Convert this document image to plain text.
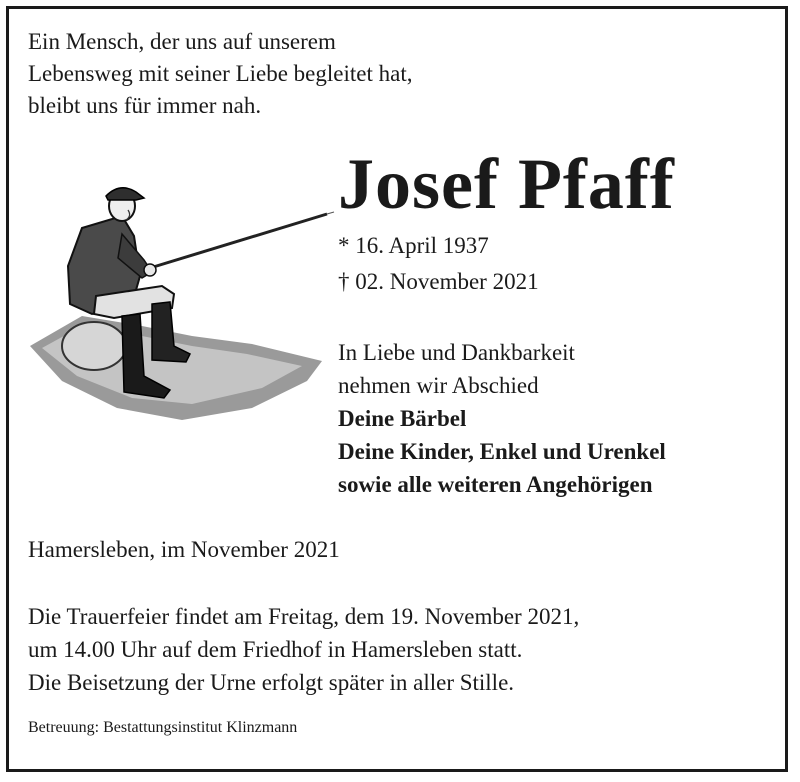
Ein Mensch, der uns auf unserem
Lebensweg mit seiner Liebe begleitet hat,
bleibt uns für immer nah.
Josef Pfaff
* 16. April 1937
† 02. November 2021
In Liebe und Dankbarkeit
nehmen wir Abschied
Deine Bärbel
Deine Kinder, Enkel und Urenkel
sowie alle weiteren Angehörigen
Hamersleben, im November 2021
Die Trauerfeier findet am Freitag, dem 19. November 2021,
um 14.00 Uhr auf dem Friedhof in Hamersleben statt.
Die Beisetzung der Urne erfolgt später in aller Stille.
Betreuung: Bestattungsinstitut Klinzmann
